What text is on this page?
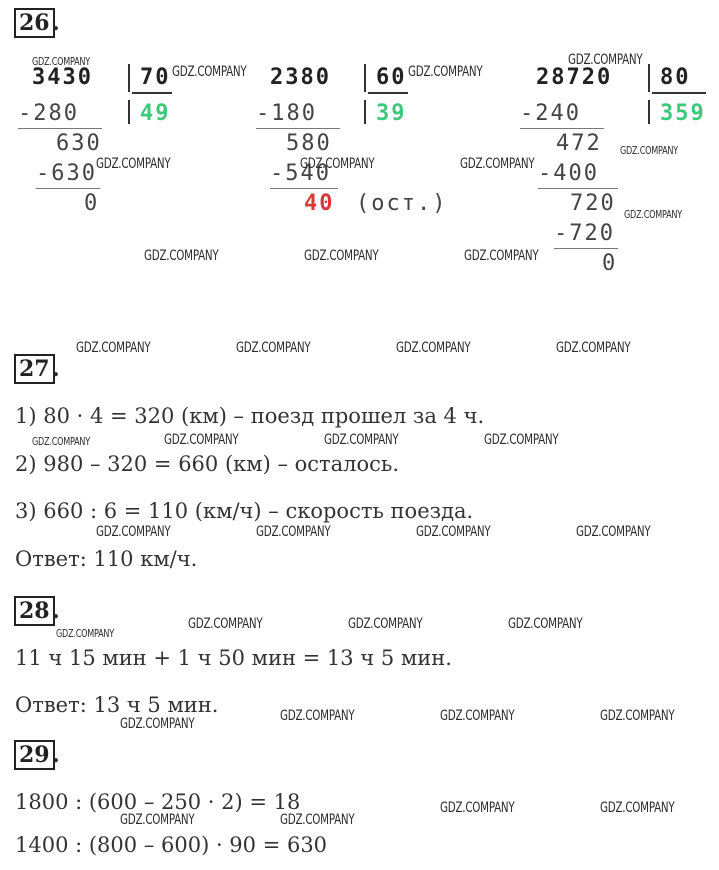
26 .
3430 70
49
-280
630
-630
0
2380 60
39
-180
580
-540
40 (ост.)
28720 80
359
-240
472
-400
720
-720
0
27 .
1) 80 · 4 = 320 (км) – поезд прошел за 4 ч.
2) 980 – 320 = 660 (км) – осталось.
3) 660 : 6 = 110 (км/ч) – скорость поезда.
Ответ: 110 км/ч.
28 .
11 ч 15 мин + 1 ч 50 мин = 13 ч 5 мин.
Ответ: 13 ч 5 мин.
29 .
1800 : (600 – 250 · 2) = 18
1400 : (800 – 600) · 90 = 630
GDZ.COMPANY
GDZ.COMPANY	GDZ.COMPANY
GDZ.COMPANY
GDZ.COMPANY	GDZ.COMPANY	GDZ.COMPANY
GDZ.COMPANY
GDZ.COMPANY
GDZ.COMPANY	GDZ.COMPANY	GDZ.COMPANY
GDZ.COMPANY	GDZ.COMPANY	GDZ.COMPANY	GDZ.COMPANY
GDZ.COMPANY	GDZ.COMPANY	GDZ.COMPANY	GDZ.COMPANY
GDZ.COMPANY	GDZ.COMPANY	GDZ.COMPANY	GDZ.COMPANY
GDZ.COMPANY
GDZ.COMPANY	GDZ.COMPANY	GDZ.COMPANY
GDZ.COMPANY	GDZ.COMPANY	GDZ.COMPANY	GDZ.COMPANY
GDZ.COMPANY	GDZ.COMPANY
GDZ.COMPANY	GDZ.COMPANY
